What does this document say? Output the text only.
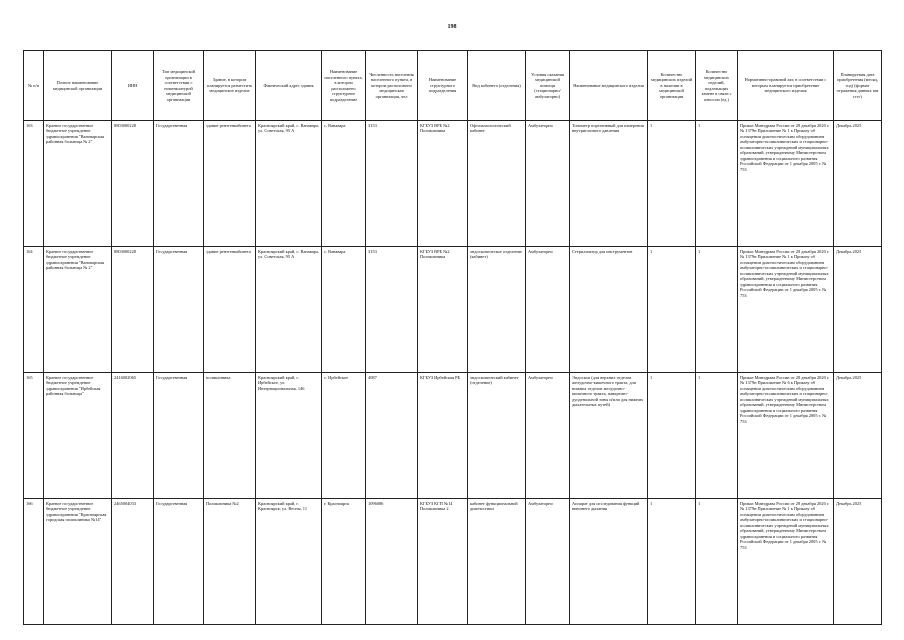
198
№ п/п	Полное наименование медицинской организации	ИНН	Тип медицинской организации в соответствии с номенклатурой медицинской организации	Здание, в котором планируется разместить медицинское изделие	Фактический адрес здания	Наименование населенного пункта, в котором расположено структурное подразделение	Численность населения населенного пункта, в котором расположено медицинская организация, чел	Наименование структурного подразделения	Вид кабинета (отделения)	Условия оказания медицинской помощи (стационарно/ амбулаторно)	Наименование медицинского изделия	Количество медицинских изделий в наличии в медицинской организации	Количество медицинских изделий, подлежащих замене в связи с износом (ед.)	Нормативно-правовой акт, в соответствии с которым планируется приобретение медицинского изделия	Планируемая дата приобретения (месяц, год) (формат отражения данных мм гггг)
163	Краевое государственное бюджетное учреждение здравоохранения "Вановарская районная больница № 2"	8803000228	Государственная	здание рентгенкабинета	Красноярский край, с. Ванавара, ул. Советская, 95 А	с. Ванавара	3153	КГБУЗ ВРБ №2 Поликлиника	Офтальмологический кабинет	Амбулаторно	Тонометр портативный для измерения внутриглазного давления	1	1	Приказ Минздрава России от 28 декабря 2020 г. № 1379н Приложение № 1 к Приказу об оснащении диагностическим оборудованием амбулаторно-поликлинических и стационарно-поликлинических учреждений муниципальных образований, утвержденному Министерством здравоохранения и социального развития Российской Федерации от 1 декабря 2005 г. № 753	Декабрь 2025
164	Краевое государственное бюджетное учреждение здравоохранения "Вановарская районная больница № 2"	8803000228	Государственная	здание рентгенкабинета	Красноярский край, с. Ванавара, ул. Советская, 95 А	с. Ванавара	3153	КГБУЗ ВРБ №2 Поликлиника	эндоскопическое отделение (кабинет)	Амбулаторно	Стерилизатор для инструментов	1	1	Приказ Минздрава России от 28 декабря 2020 г. № 1379н Приложение № 1 к Приказу об оснащении диагностическим оборудованием амбулаторно-поликлинических и стационарно-поликлинических учреждений муниципальных образований, утвержденному Министерством здравоохранения и социального развития Российской Федерации от 1 декабря 2005 г. № 753	Декабрь 2025
165	Краевое государственное бюджетное учреждение здравоохранения "Ирбейская районная больница"	2416002065	Государственная	поликлиника	Красноярский край, с. Ирбейское, ул. Интернациональная, 146	с. Ирбейское	4087	КГБУЗ Ирбейская РБ	эндоскопический кабинет (отделение)	Амбулаторно	Эндоскоп (для верхних отделов желудочно-кишечного тракта, для нижних отделов желудочно-кишечного тракта, панкреато-дуоденальной зоны и/или для нижних дыхательных путей)	1	1	Приказ Минздрава России от 28 декабря 2020 г. № 1379н Приложение № 6 к Приказу об оснащении диагностическим оборудованием амбулаторно-поликлинических и стационарно-поликлинических учреждений муниципальных образований, утвержденному Министерством здравоохранения и социального развития Российской Федерации от 1 декабря 2005 г. № 753	Декабрь 2025
166	Краевое государственное бюджетное учреждение здравоохранения "Красноярская городская поликлиника №14"	2465004033	Государственная	Поликлиника №2	Красноярский край, г. Красноярск, ул. Весны, 11	г. Красноярск	1096086	КГБУЗ КГП №14 Поликлиника 2	кабинет функциональной диагностики	Амбулаторно	Аппарат для исследования функций внешнего дыхания	1	1	Приказ Минздрава России от 28 декабря 2020 г. № 1379н Приложение № 1 к Приказу об оснащении диагностическим оборудованием амбулаторно-поликлинических и стационарно-поликлинических учреждений муниципальных образований, утвержденному Министерством здравоохранения и социального развития Российской Федерации от 1 декабря 2005 г. № 753	Декабрь 2025
